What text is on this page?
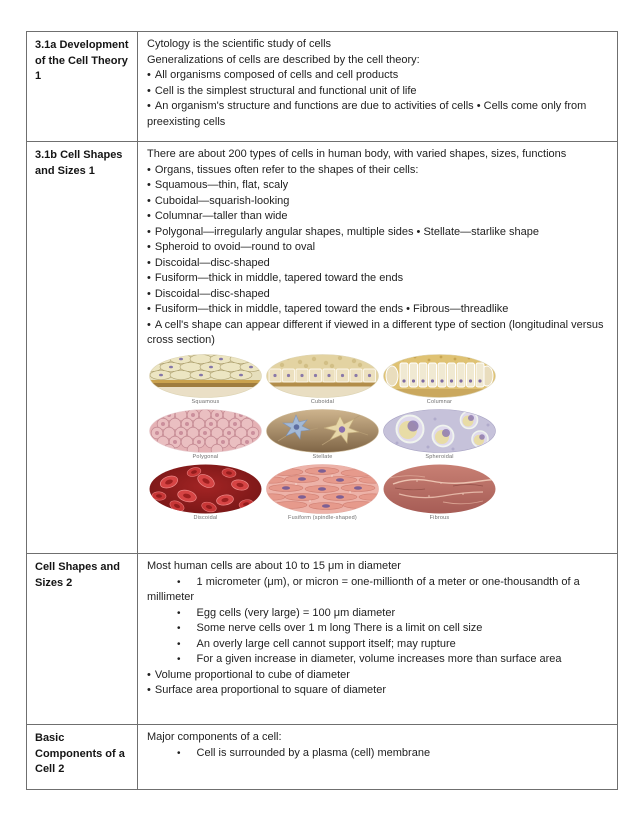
3.1a Development of the Cell Theory 1
Cytology is the scientific study of cells
Generalizations of cells are described by the cell theory:
• All organisms composed of cells and cell products
• Cell is the simplest structural and functional unit of life
• An organism's structure and functions are due to activities of cells • Cells come only from preexisting cells
3.1b Cell Shapes and Sizes 1
There are about 200 types of cells in human body, with varied shapes, sizes, functions
• Organs, tissues often refer to the shapes of their cells:
• Squamous—thin, flat, scaly
• Cuboidal—squarish-looking
• Columnar—taller than wide
• Polygonal—irregularly angular shapes, multiple sides • Stellate—starlike shape
• Spheroid to ovoid—round to oval
• Discoidal—disc-shaped
• Fusiform—thick in middle, tapered toward the ends
• Discoidal—disc-shaped
• Fusiform—thick in middle, tapered toward the ends • Fibrous—threadlike
• A cell's shape can appear different if viewed in a different type of section (longitudinal versus cross section)
Squamous	Cuboidal	Columnar
Polygonal	Stellate	Spheroidal
Discoidal	Fusiform (spindle-shaped)	Fibrous
Cell Shapes and Sizes 2
Most human cells are about 10 to 15 μm in diameter
• 1 micrometer (μm), or micron = one-millionth of a meter or one-thousandth of a millimeter
• Egg cells (very large) = 100 μm diameter
• Some nerve cells over 1 m long There is a limit on cell size
• An overly large cell cannot support itself; may rupture
• For a given increase in diameter, volume increases more than surface area
• Volume proportional to cube of diameter
• Surface area proportional to square of diameter
Basic Components of a Cell 2
Major components of a cell:
• Cell is surrounded by a plasma (cell) membrane
